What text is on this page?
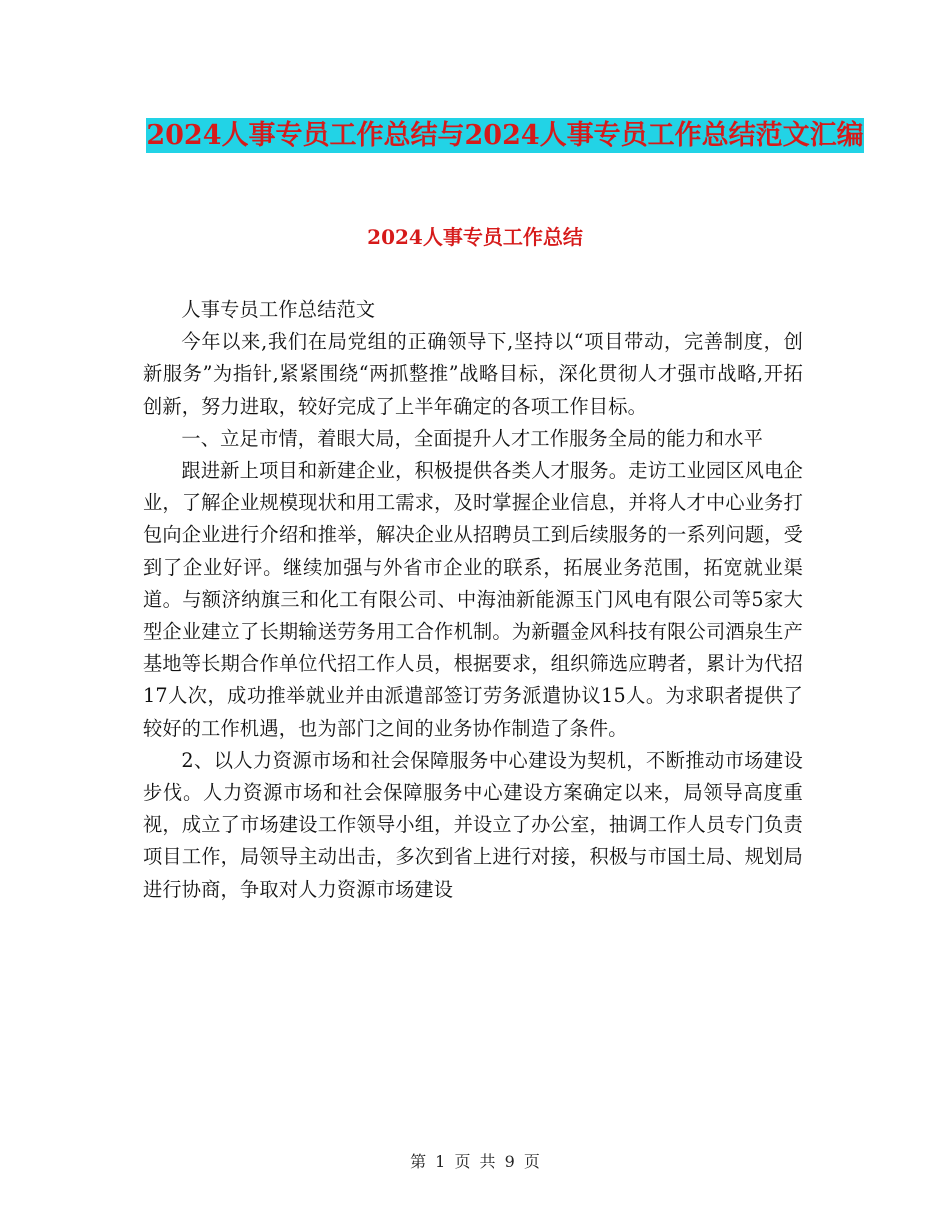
2024人事专员工作总结与2024人事专员工作总结范文汇编
2024人事专员工作总结

人事专员工作总结范文

今年以来,我们在局党组的正确领导下,坚持以“项目带动，完善制度，创新服务”为指针,紧紧围绕“两抓整推”战略目标，深化贯彻人才强市战略,开拓创新，努力进取，较好完成了上半年确定的各项工作目标。

一、立足市情，着眼大局，全面提升人才工作服务全局的能力和水平

跟进新上项目和新建企业，积极提供各类人才服务。走访工业园区风电企业，了解企业规模现状和用工需求，及时掌握企业信息，并将人才中心业务打包向企业进行介绍和推举，解决企业从招聘员工到后续服务的一系列问题，受到了企业好评。继续加强与外省市企业的联系，拓展业务范围，拓宽就业渠道。与额济纳旗三和化工有限公司、中海油新能源玉门风电有限公司等5家大型企业建立了长期输送劳务用工合作机制。为新疆金风科技有限公司酒泉生产基地等长期合作单位代招工作人员，根据要求，组织筛选应聘者，累计为代招17人次，成功推举就业并由派遣部签订劳务派遣协议15人。为求职者提供了较好的工作机遇，也为部门之间的业务协作制造了条件。

2、以人力资源市场和社会保障服务中心建设为契机，不断推动市场建设步伐。人力资源市场和社会保障服务中心建设方案确定以来，局领导高度重视，成立了市场建设工作领导小组，并设立了办公室，抽调工作人员专门负责项目工作，局领导主动出击，多次到省上进行对接，积极与市国土局、规划局进行协商，争取对人力资源市场建设

第 1 页 共 9 页
